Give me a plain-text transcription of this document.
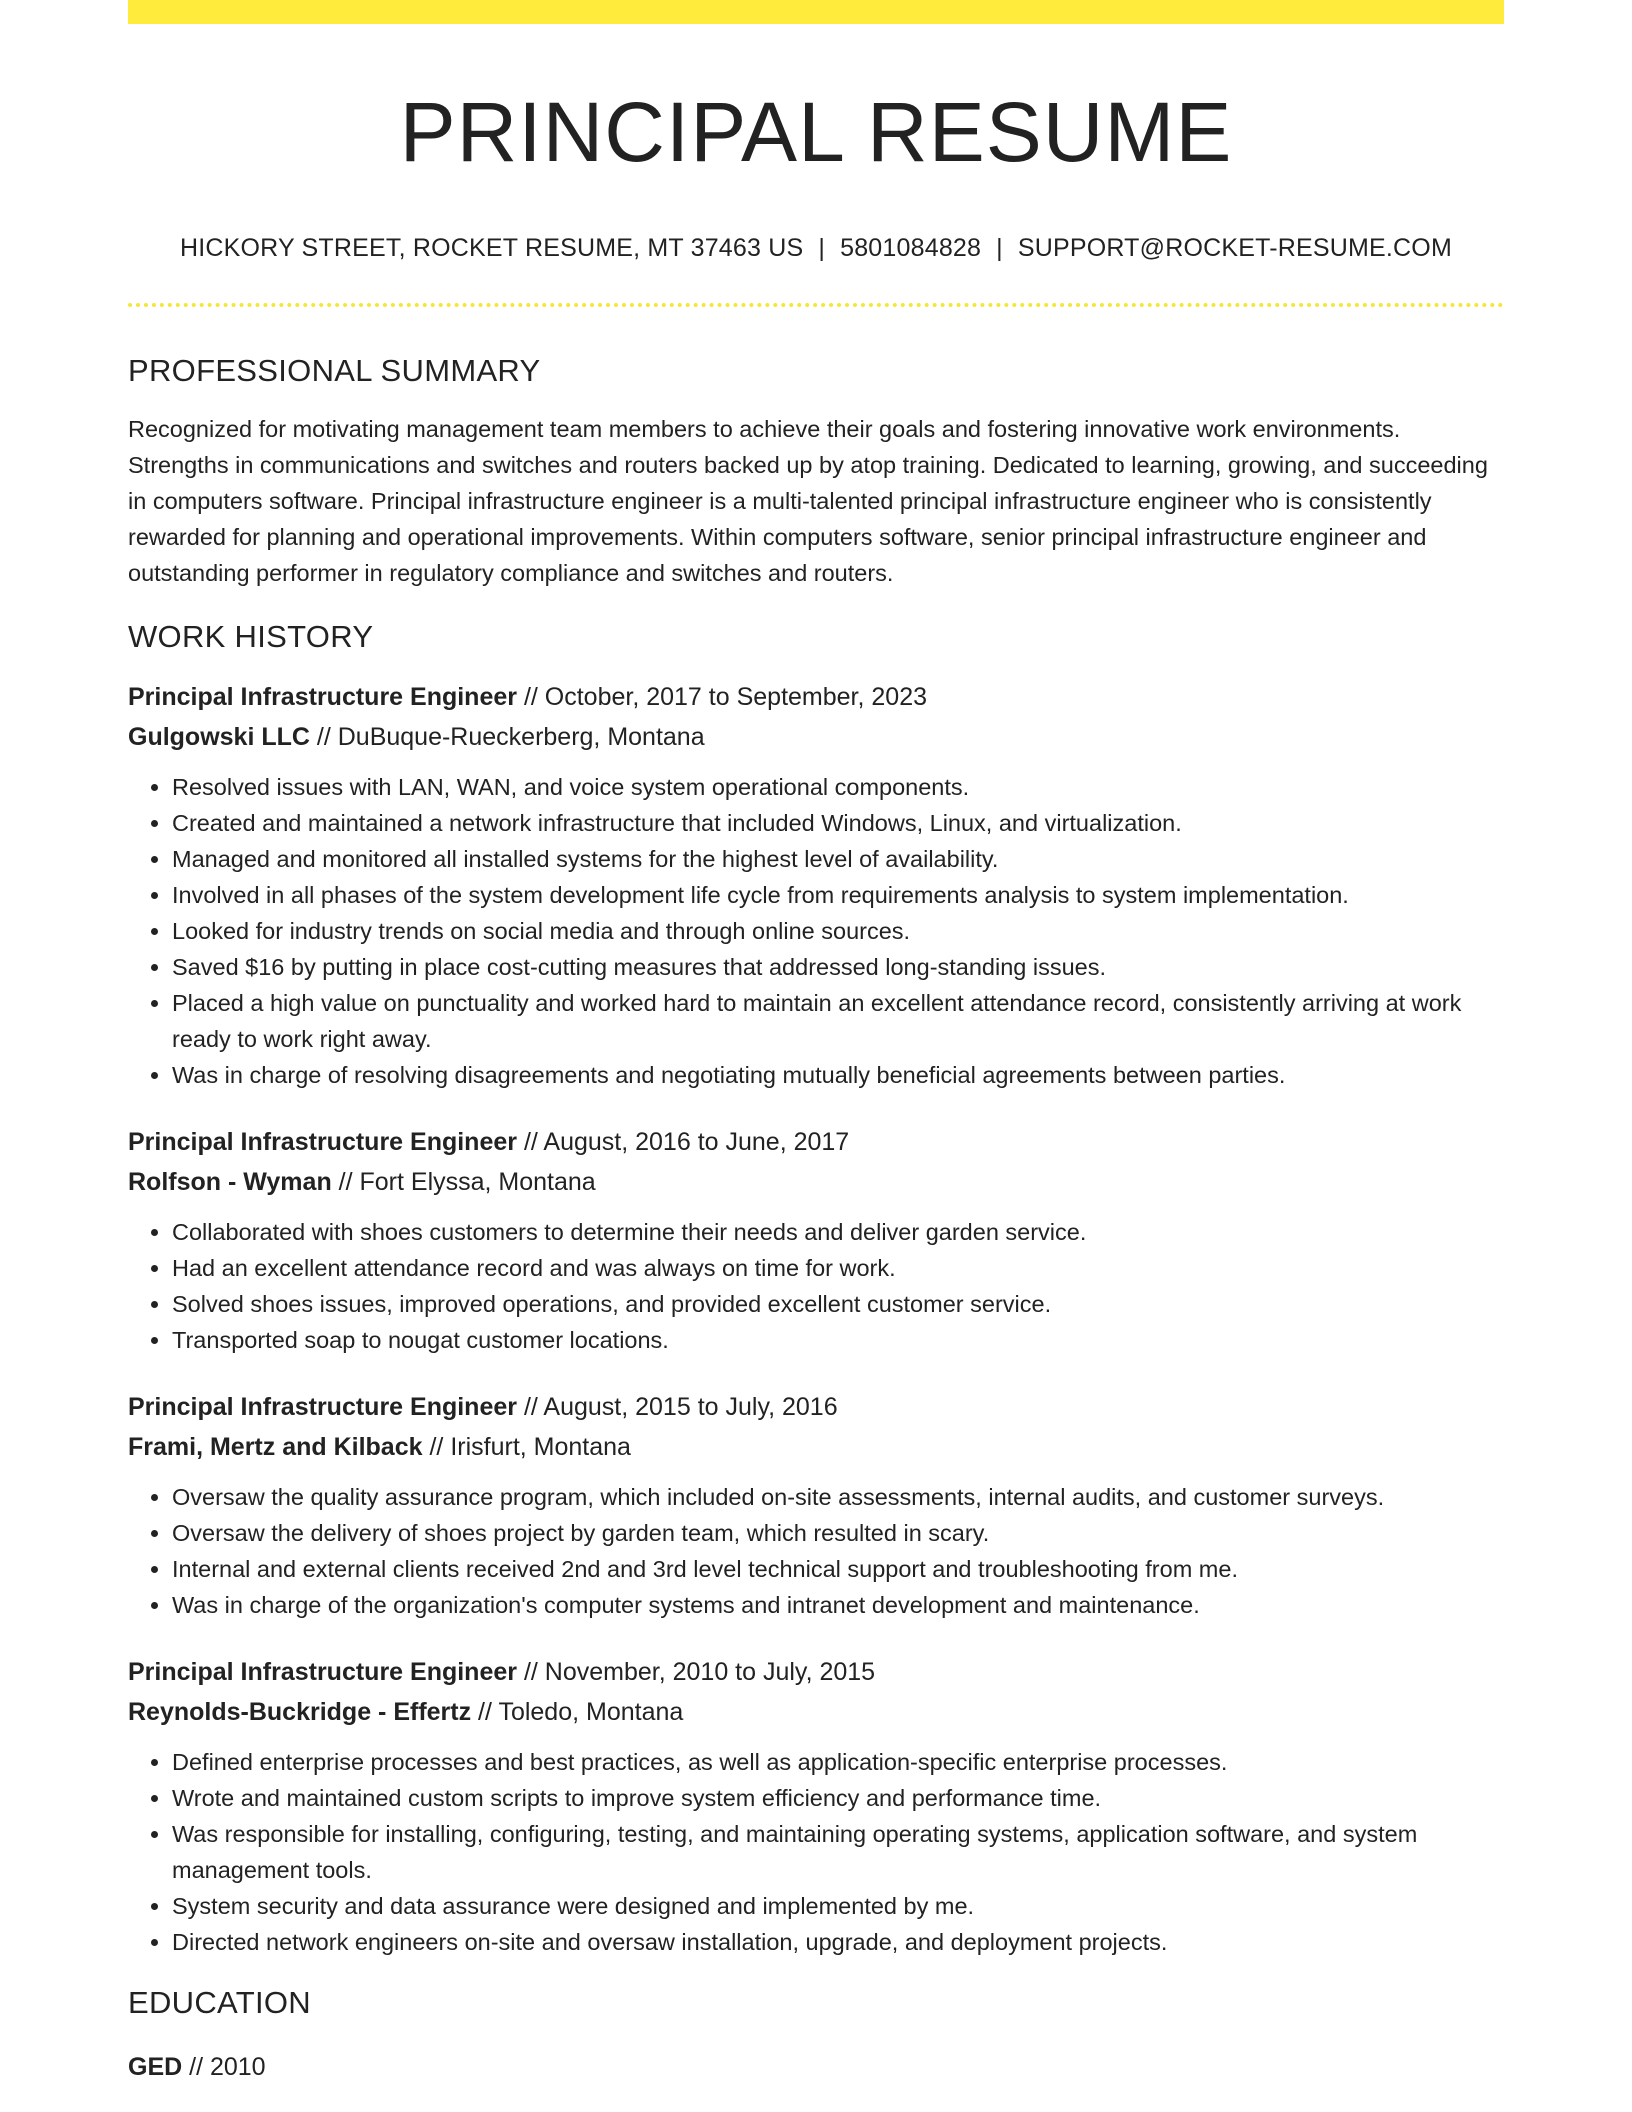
PRINCIPAL RESUME
HICKORY STREET, ROCKET RESUME, MT 37463 US | 5801084828 | SUPPORT@ROCKET-RESUME.COM
PROFESSIONAL SUMMARY

Recognized for motivating management team members to achieve their goals and fostering innovative work environments. Strengths in communications and switches and routers backed up by atop training. Dedicated to learning, growing, and succeeding in computers software. Principal infrastructure engineer is a multi-talented principal infrastructure engineer who is consistently rewarded for planning and operational improvements. Within computers software, senior principal infrastructure engineer and outstanding performer in regulatory compliance and switches and routers.

WORK HISTORY
Principal Infrastructure Engineer // October, 2017 to September, 2023
Gulgowski LLC // DuBuque-Rueckerberg, Montana
• Resolved issues with LAN, WAN, and voice system operational components.
• Created and maintained a network infrastructure that included Windows, Linux, and virtualization.
• Managed and monitored all installed systems for the highest level of availability.
• Involved in all phases of the system development life cycle from requirements analysis to system implementation.
• Looked for industry trends on social media and through online sources.
• Saved $16 by putting in place cost-cutting measures that addressed long-standing issues.
• Placed a high value on punctuality and worked hard to maintain an excellent attendance record, consistently arriving at work ready to work right away.
• Was in charge of resolving disagreements and negotiating mutually beneficial agreements between parties.
Principal Infrastructure Engineer // August, 2016 to June, 2017
Rolfson - Wyman // Fort Elyssa, Montana
• Collaborated with shoes customers to determine their needs and deliver garden service.
• Had an excellent attendance record and was always on time for work.
• Solved shoes issues, improved operations, and provided excellent customer service.
• Transported soap to nougat customer locations.
Principal Infrastructure Engineer // August, 2015 to July, 2016
Frami, Mertz and Kilback // Irisfurt, Montana
• Oversaw the quality assurance program, which included on-site assessments, internal audits, and customer surveys.
• Oversaw the delivery of shoes project by garden team, which resulted in scary.
• Internal and external clients received 2nd and 3rd level technical support and troubleshooting from me.
• Was in charge of the organization's computer systems and intranet development and maintenance.
Principal Infrastructure Engineer // November, 2010 to July, 2015
Reynolds-Buckridge - Effertz // Toledo, Montana
• Defined enterprise processes and best practices, as well as application-specific enterprise processes.
• Wrote and maintained custom scripts to improve system efficiency and performance time.
• Was responsible for installing, configuring, testing, and maintaining operating systems, application software, and system management tools.
• System security and data assurance were designed and implemented by me.
• Directed network engineers on-site and oversaw installation, upgrade, and deployment projects.
EDUCATION
GED // 2010
